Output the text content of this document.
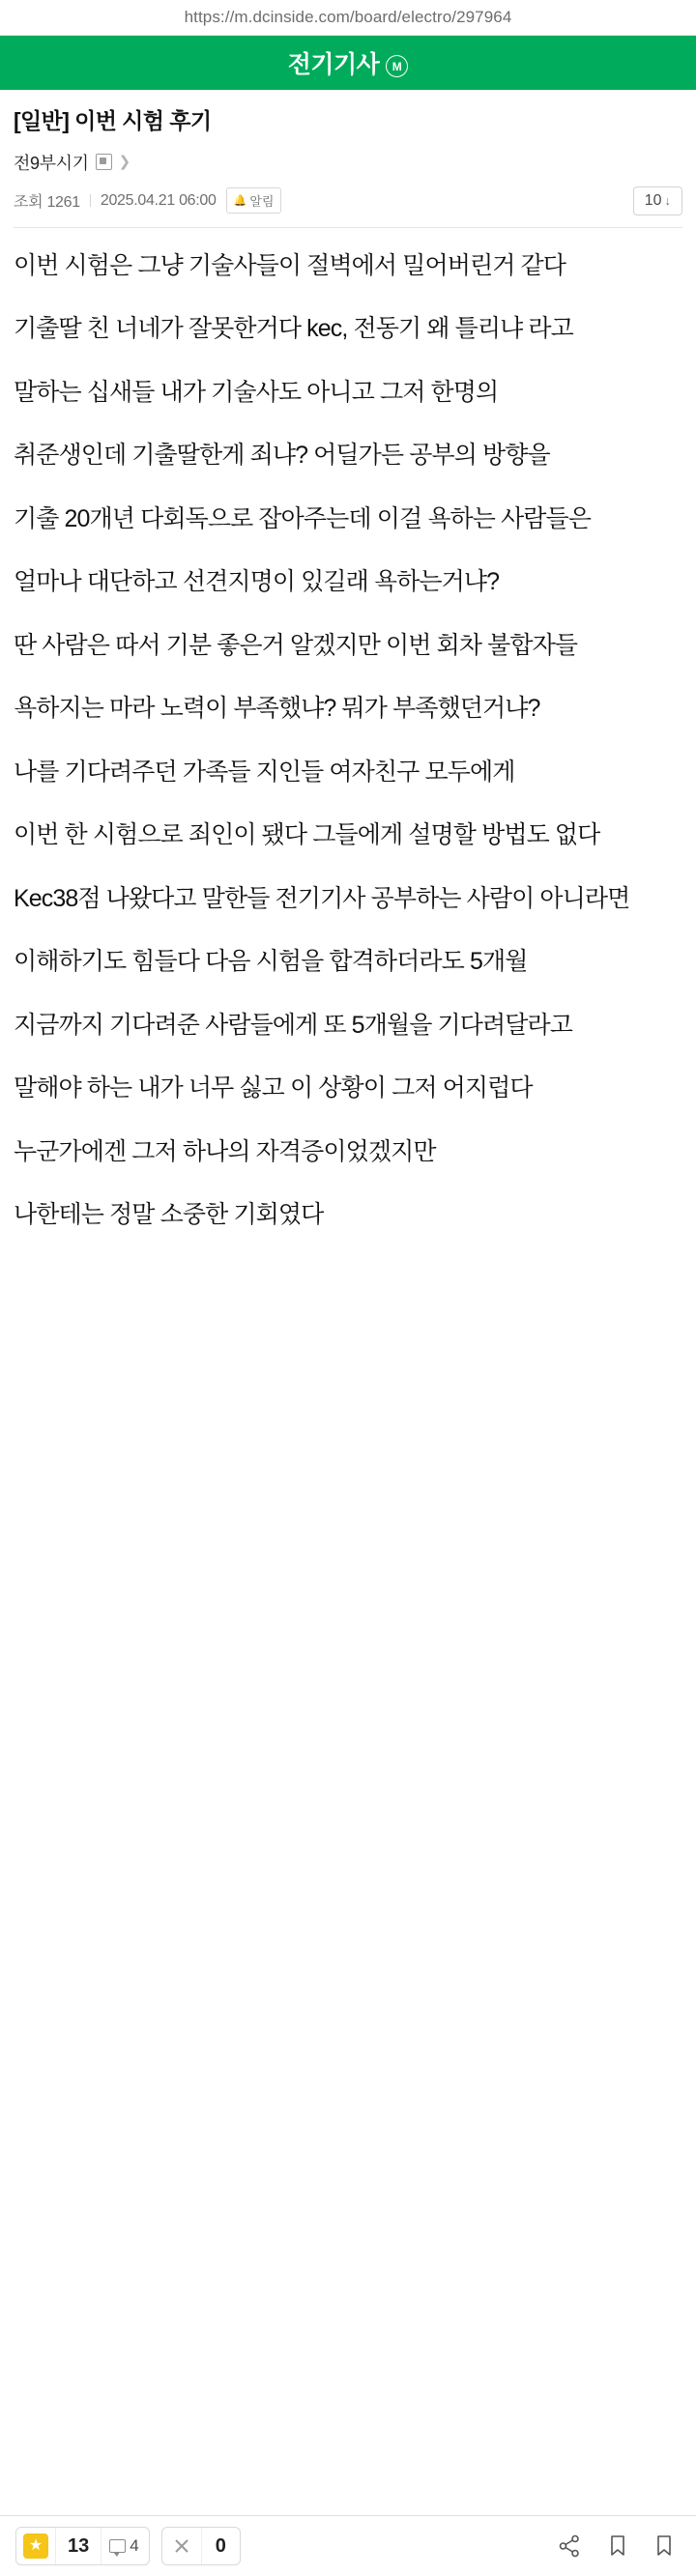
https://m.dcinside.com/board/electro/297964
전기기사 M
[일반] 이번 시험 후기
전9부시기 ❯
조회 1261 2025.04.21 06:00 🔔 알림	10 ↓

이번 시험은 그냥 기술사들이 절벽에서 밀어버린거 같다

기출딸 친 너네가 잘못한거다 kec, 전동기 왜 틀리냐 라고

말하는 십새들 내가 기술사도 아니고 그저 한명의

취준생인데 기출딸한게 죄냐? 어딜가든 공부의 방향을

기출 20개년 다회독으로 잡아주는데 이걸 욕하는 사람들은

얼마나 대단하고 선견지명이 있길래 욕하는거냐?

딴 사람은 따서 기분 좋은거 알겠지만 이번 회차 불합자들

욕하지는 마라 노력이 부족했냐? 뭐가 부족했던거냐?

나를 기다려주던 가족들 지인들 여자친구 모두에게

이번 한 시험으로 죄인이 됐다 그들에게 설명할 방법도 없다

Kec38점 나왔다고 말한들 전기기사 공부하는 사람이 아니라면

이해하기도 힘들다 다음 시험을 합격하더라도 5개월

지금까지 기다려준 사람들에게 또 5개월을 기다려달라고

말해야 하는 내가 너무 싫고 이 상황이 그저 어지럽다

누군가에겐 그저 하나의 자격증이었겠지만

나한테는 정말 소중한 기회였다

★	13	4	0
